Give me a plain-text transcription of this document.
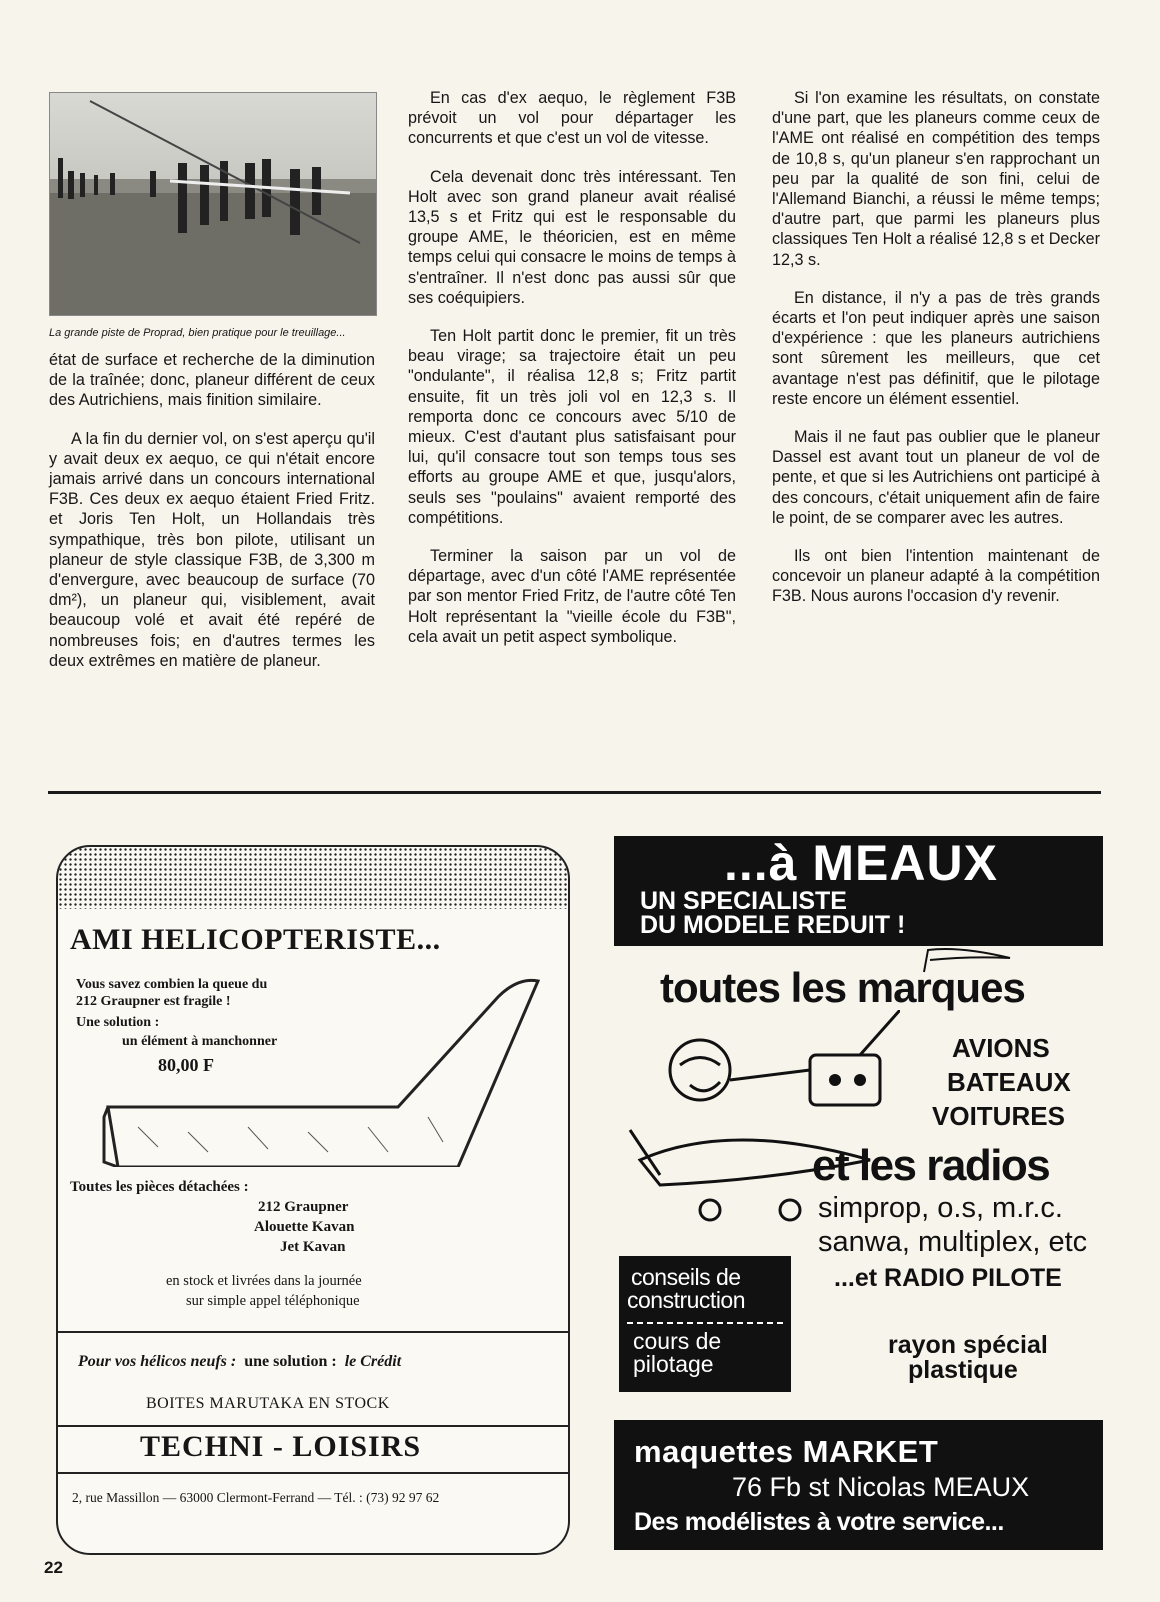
La grande piste de Proprad, bien pratique pour le treuillage...

état de surface et recherche de la diminution de la traînée; donc, planeur différent de ceux des Autrichiens, mais finition similaire.

A la fin du dernier vol, on s'est aperçu qu'il y avait deux ex aequo, ce qui n'était encore jamais arrivé dans un concours international F3B. Ces deux ex aequo étaient Fried Fritz. et Joris Ten Holt, un Hollandais très sympathique, très bon pilote, utilisant un planeur de style classique F3B, de 3,300 m d'envergure, avec beaucoup de surface (70 dm²), un planeur qui, visiblement, avait beaucoup volé et avait été repéré de nombreuses fois; en d'autres termes les deux extrêmes en matière de planeur.

En cas d'ex aequo, le règlement F3B prévoit un vol pour départager les concurrents et que c'est un vol de vitesse.

Cela devenait donc très intéressant. Ten Holt avec son grand planeur avait réalisé 13,5 s et Fritz qui est le responsable du groupe AME, le théoricien, est en même temps celui qui consacre le moins de temps à s'entraîner. Il n'est donc pas aussi sûr que ses coéquipiers.

Ten Holt partit donc le premier, fit un très beau virage; sa trajectoire était un peu "ondulante", il réalisa 12,8 s; Fritz partit ensuite, fit un très joli vol en 12,3 s. Il remporta donc ce concours avec 5/10 de mieux. C'est d'autant plus satisfaisant pour lui, qu'il consacre tout son temps tous ses efforts au groupe AME et que, jusqu'alors, seuls ses "poulains" avaient remporté des compétitions.

Terminer la saison par un vol de départage, avec d'un côté l'AME représentée par son mentor Fried Fritz, de l'autre côté Ten Holt représentant la "vieille école du F3B", cela avait un petit aspect symbolique.

Si l'on examine les résultats, on constate d'une part, que les planeurs comme ceux de l'AME ont réalisé en compétition des temps de 10,8 s, qu'un planeur s'en rapprochant un peu par la qualité de son fini, celui de l'Allemand Bianchi, a réussi le même temps; d'autre part, que parmi les planeurs plus classiques Ten Holt a réalisé 12,8 s et Decker 12,3 s.

En distance, il n'y a pas de très grands écarts et l'on peut indiquer après une saison d'expérience : que les planeurs autrichiens sont sûrement les meilleurs, que cet avantage n'est pas définitif, que le pilotage reste encore un élément essentiel.

Mais il ne faut pas oublier que le planeur Dassel est avant tout un planeur de vol de pente, et que si les Autrichiens ont participé à des concours, c'était uniquement afin de faire le point, de se comparer avec les autres.

Ils ont bien l'intention maintenant de concevoir un planeur adapté à la compétition F3B. Nous aurons l'occasion d'y revenir.

AMI HELICOPTERISTE...
Vous savez combien la queue du
212 Graupner est fragile !
Une solution :
un élément à manchonner
80,00 F
Toutes les pièces détachées :
212 Graupner
Alouette Kavan
Jet Kavan
en stock et livrées dans la journée
sur simple appel téléphonique
Pour vos hélicos neufs : une solution : le Crédit
BOITES MARUTAKA EN STOCK
TECHNI - LOISIRS
2, rue Massillon — 63000 Clermont-Ferrand — Tél. : (73) 92 97 62
...à MEAUX
UN SPECIALISTE
DU MODELE REDUIT !
toutes les marques
AVIONS
BATEAUX
VOITURES
et les radios
simprop, o.s, m.r.c.
sanwa, multiplex, etc
...et RADIO PILOTE
conseils de
construction
cours de
pilotage
rayon spécial
plastique
maquettes MARKET
76 Fb st Nicolas MEAUX
Des modélistes à votre service...
22
